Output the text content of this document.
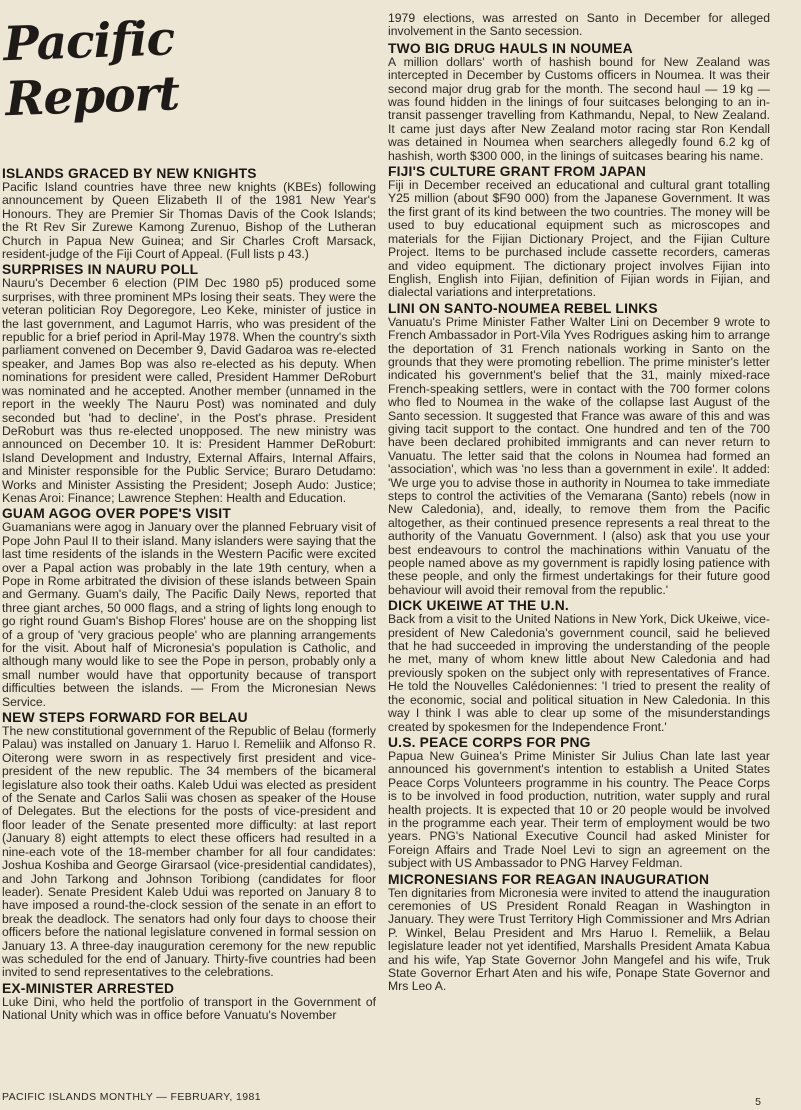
Pacific Report
ISLANDS GRACED BY NEW KNIGHTS

Pacific Island countries have three new knights (KBEs) following announcement by Queen Elizabeth II of the 1981 New Year's Honours. They are Premier Sir Thomas Davis of the Cook Islands; the Rt Rev Sir Zurewe Kamong Zurenuo, Bishop of the Lutheran Church in Papua New Guinea; and Sir Charles Croft Marsack, resident-judge of the Fiji Court of Appeal. (Full lists p 43.)

SURPRISES IN NAURU POLL

Nauru's December 6 election (PIM Dec 1980 p5) produced some surprises, with three prominent MPs losing their seats. They were the veteran politician Roy Degoregore, Leo Keke, minister of justice in the last government, and Lagumot Harris, who was president of the republic for a brief period in April-May 1978. When the country's sixth parliament convened on December 9, David Gadaroa was re-elected speaker, and James Bop was also re-elected as his deputy. When nominations for president were called, President Hammer DeRoburt was nominated and he accepted. Another member (unnamed in the report in the weekly The Nauru Post) was nominated and duly seconded but 'had to decline', in the Post's phrase. President DeRoburt was thus re-elected unopposed. The new ministry was announced on December 10. It is: President Hammer DeRoburt: Island Development and Industry, External Affairs, Internal Affairs, and Minister responsible for the Public Service; Buraro Detudamo: Works and Minister Assisting the President; Joseph Audo: Justice; Kenas Aroi: Finance; Lawrence Stephen: Health and Education.

GUAM AGOG OVER POPE'S VISIT

Guamanians were agog in January over the planned February visit of Pope John Paul II to their island. Many islanders were saying that the last time residents of the islands in the Western Pacific were excited over a Papal action was probably in the late 19th century, when a Pope in Rome arbitrated the division of these islands between Spain and Germany. Guam's daily, The Pacific Daily News, reported that three giant arches, 50 000 flags, and a string of lights long enough to go right round Guam's Bishop Flores' house are on the shopping list of a group of 'very gracious people' who are planning arrangements for the visit. About half of Micronesia's population is Catholic, and although many would like to see the Pope in person, probably only a small number would have that opportunity because of transport difficulties between the islands. — From the Micronesian News Service.

NEW STEPS FORWARD FOR BELAU

The new constitutional government of the Republic of Belau (formerly Palau) was installed on January 1. Haruo I. Remeliik and Alfonso R. Oiterong were sworn in as respectively first president and vice-president of the new republic. The 34 members of the bicameral legislature also took their oaths. Kaleb Udui was elected as president of the Senate and Carlos Salii was chosen as speaker of the House of Delegates. But the elections for the posts of vice-president and floor leader of the Senate presented more difficulty: at last report (January 8) eight attempts to elect these officers had resulted in a nine-each vote of the 18-member chamber for all four candidates: Joshua Koshiba and George Girarsaol (vice-presidential candidates), and John Tarkong and Johnson Toribiong (candidates for floor leader). Senate President Kaleb Udui was reported on January 8 to have imposed a round-the-clock session of the senate in an effort to break the deadlock. The senators had only four days to choose their officers before the national legislature convened in formal session on January 13. A three-day inauguration ceremony for the new republic was scheduled for the end of January. Thirty-five countries had been invited to send representatives to the celebrations.

EX-MINISTER ARRESTED

Luke Dini, who held the portfolio of transport in the Government of National Unity which was in office before Vanuatu's November

1979 elections, was arrested on Santo in December for alleged involvement in the Santo secession.

TWO BIG DRUG HAULS IN NOUMEA

A million dollars' worth of hashish bound for New Zealand was intercepted in December by Customs officers in Noumea. It was their second major drug grab for the month. The second haul — 19 kg — was found hidden in the linings of four suitcases belonging to an in-transit passenger travelling from Kathmandu, Nepal, to New Zealand. It came just days after New Zealand motor racing star Ron Kendall was detained in Noumea when searchers allegedly found 6.2 kg of hashish, worth $300 000, in the linings of suitcases bearing his name.

FIJI'S CULTURE GRANT FROM JAPAN

Fiji in December received an educational and cultural grant totalling Y25 million (about $F90 000) from the Japanese Government. It was the first grant of its kind between the two countries. The money will be used to buy educational equipment such as microscopes and materials for the Fijian Dictionary Project, and the Fijian Culture Project. Items to be purchased include cassette recorders, cameras and video equipment. The dictionary project involves Fijian into English, English into Fijian, definition of Fijian words in Fijian, and dialectal variations and interpretations.

LINI ON SANTO-NOUMEA REBEL LINKS

Vanuatu's Prime Minister Father Walter Lini on December 9 wrote to French Ambassador in Port-Vila Yves Rodrigues asking him to arrange the deportation of 31 French nationals working in Santo on the grounds that they were promoting rebellion. The prime minister's letter indicated his government's belief that the 31, mainly mixed-race French-speaking settlers, were in contact with the 700 former colons who fled to Noumea in the wake of the collapse last August of the Santo secession. It suggested that France was aware of this and was giving tacit support to the contact. One hundred and ten of the 700 have been declared prohibited immigrants and can never return to Vanuatu. The letter said that the colons in Noumea had formed an 'association', which was 'no less than a government in exile'. It added: 'We urge you to advise those in authority in Noumea to take immediate steps to control the activities of the Vemarana (Santo) rebels (now in New Caledonia), and, ideally, to remove them from the Pacific altogether, as their continued presence represents a real threat to the authority of the Vanuatu Government. I (also) ask that you use your best endeavours to control the machinations within Vanuatu of the people named above as my government is rapidly losing patience with these people, and only the firmest undertakings for their future good behaviour will avoid their removal from the republic.'

DICK UKEIWE AT THE U.N.

Back from a visit to the United Nations in New York, Dick Ukeiwe, vice-president of New Caledonia's government council, said he believed that he had succeeded in improving the understanding of the people he met, many of whom knew little about New Caledonia and had previously spoken on the subject only with representatives of France. He told the Nouvelles Calédoniennes: 'I tried to present the reality of the economic, social and political situation in New Caledonia. In this way I think I was able to clear up some of the misunderstandings created by spokesmen for the Independence Front.'

U.S. PEACE CORPS FOR PNG

Papua New Guinea's Prime Minister Sir Julius Chan late last year announced his government's intention to establish a United States Peace Corps Volunteers programme in his country. The Peace Corps is to be involved in food production, nutrition, water supply and rural health projects. It is expected that 10 or 20 people would be involved in the programme each year. Their term of employment would be two years. PNG's National Executive Council had asked Minister for Foreign Affairs and Trade Noel Levi to sign an agreement on the subject with US Ambassador to PNG Harvey Feldman.

MICRONESIANS FOR REAGAN INAUGURATION

Ten dignitaries from Micronesia were invited to attend the inauguration ceremonies of US President Ronald Reagan in Washington in January. They were Trust Territory High Commissioner and Mrs Adrian P. Winkel, Belau President and Mrs Haruo I. Remeliik, a Belau legislature leader not yet identified, Marshalls President Amata Kabua and his wife, Yap State Governor John Mangefel and his wife, Truk State Governor Erhart Aten and his wife, Ponape State Governor and Mrs Leo A.

PACIFIC ISLANDS MONTHLY — FEBRUARY, 1981	5
